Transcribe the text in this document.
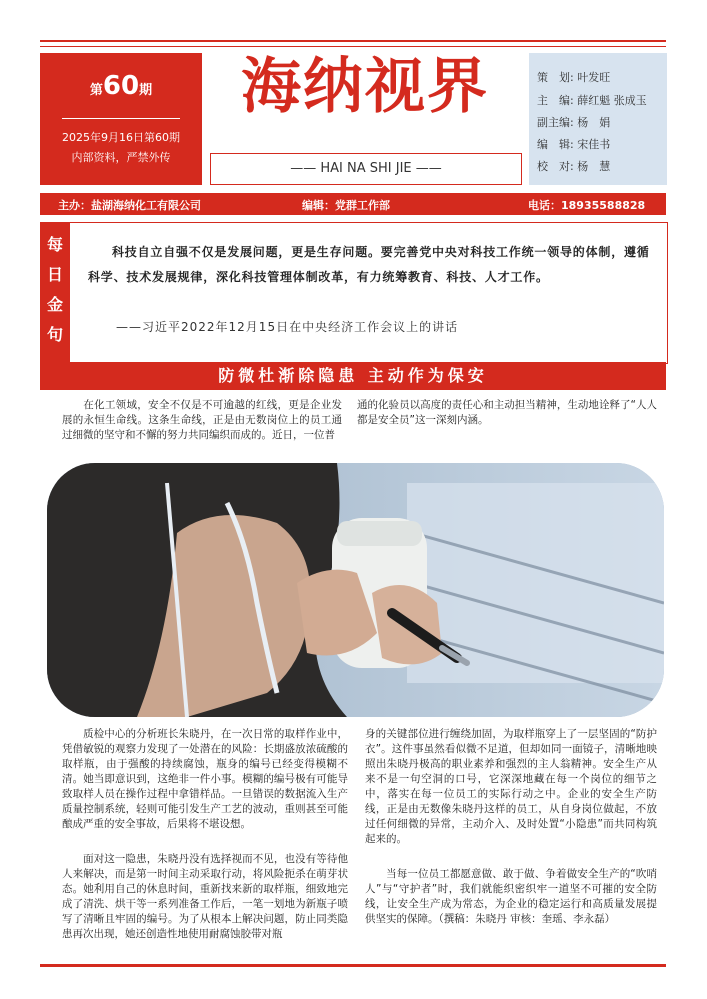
第60期
2025年9月16日第60期
内部资料，严禁外传
海纳视界
—— HAI NA SHI JIE ——
策　划: 叶发旺
主　编: 薛红魁 张成玉
副主编: 杨　娟
编　辑: 宋佳书
校　对: 杨　慧
主办：盐湖海纳化工有限公司	编辑：党群工作部	电话：18935588828
每
日
金
句
科技自立自强不仅是发展问题，更是生存问题。要完善党中央对科技工作统一领导的体制，遵循科学、技术发展规律，深化科技管理体制改革，有力统筹教育、科技、人才工作。
——习近平2022年12月15日在中央经济工作会议上的讲话
防微杜渐除隐患 主动作为保安
在化工领域，安全不仅是不可逾越的红线，更是企业发展的永恒生命线。这条生命线，正是由无数岗位上的员工通过细微的坚守和不懈的努力共同编织而成的。近日，一位普
通的化验员以高度的责任心和主动担当精神，生动地诠释了“人人都是安全员”这一深刻内涵。
质检中心的分析班长朱晓丹，在一次日常的取样作业中，凭借敏锐的观察力发现了一处潜在的风险：长期盛放浓硫酸的取样瓶，由于强酸的持续腐蚀，瓶身的编号已经变得模糊不清。她当即意识到，这绝非一件小事。模糊的编号极有可能导致取样人员在操作过程中拿错样品。一旦错误的数据流入生产质量控制系统，轻则可能引发生产工艺的波动，重则甚至可能酿成严重的安全事故，后果将不堪设想。
面对这一隐患，朱晓丹没有选择视而不见，也没有等待他人来解决，而是第一时间主动采取行动，将风险扼杀在萌芽状态。她利用自己的休息时间，重新找来新的取样瓶，细致地完成了清洗、烘干等一系列准备工作后，一笔一划地为新瓶子喷写了清晰且牢固的编号。为了从根本上解决问题，防止同类隐患再次出现，她还创造性地使用耐腐蚀胶带对瓶
身的关键部位进行缠绕加固，为取样瓶穿上了一层坚固的“防护衣”。这件事虽然看似微不足道，但却如同一面镜子，清晰地映照出朱晓丹极高的职业素养和强烈的主人翁精神。安全生产从来不是一句空洞的口号，它深深地藏在每一个岗位的细节之中，落实在每一位员工的实际行动之中。企业的安全生产防线，正是由无数像朱晓丹这样的员工，从自身岗位做起，不放过任何细微的异常，主动介入、及时处置“小隐患”而共同构筑起来的。
当每一位员工都愿意做、敢于做、争着做安全生产的“吹哨人”与“守护者”时，我们就能织密织牢一道坚不可摧的安全防线，让安全生产成为常态，为企业的稳定运行和高质量发展提供坚实的保障。（撰稿：朱晓丹 审核：奎瑶、李永磊）
